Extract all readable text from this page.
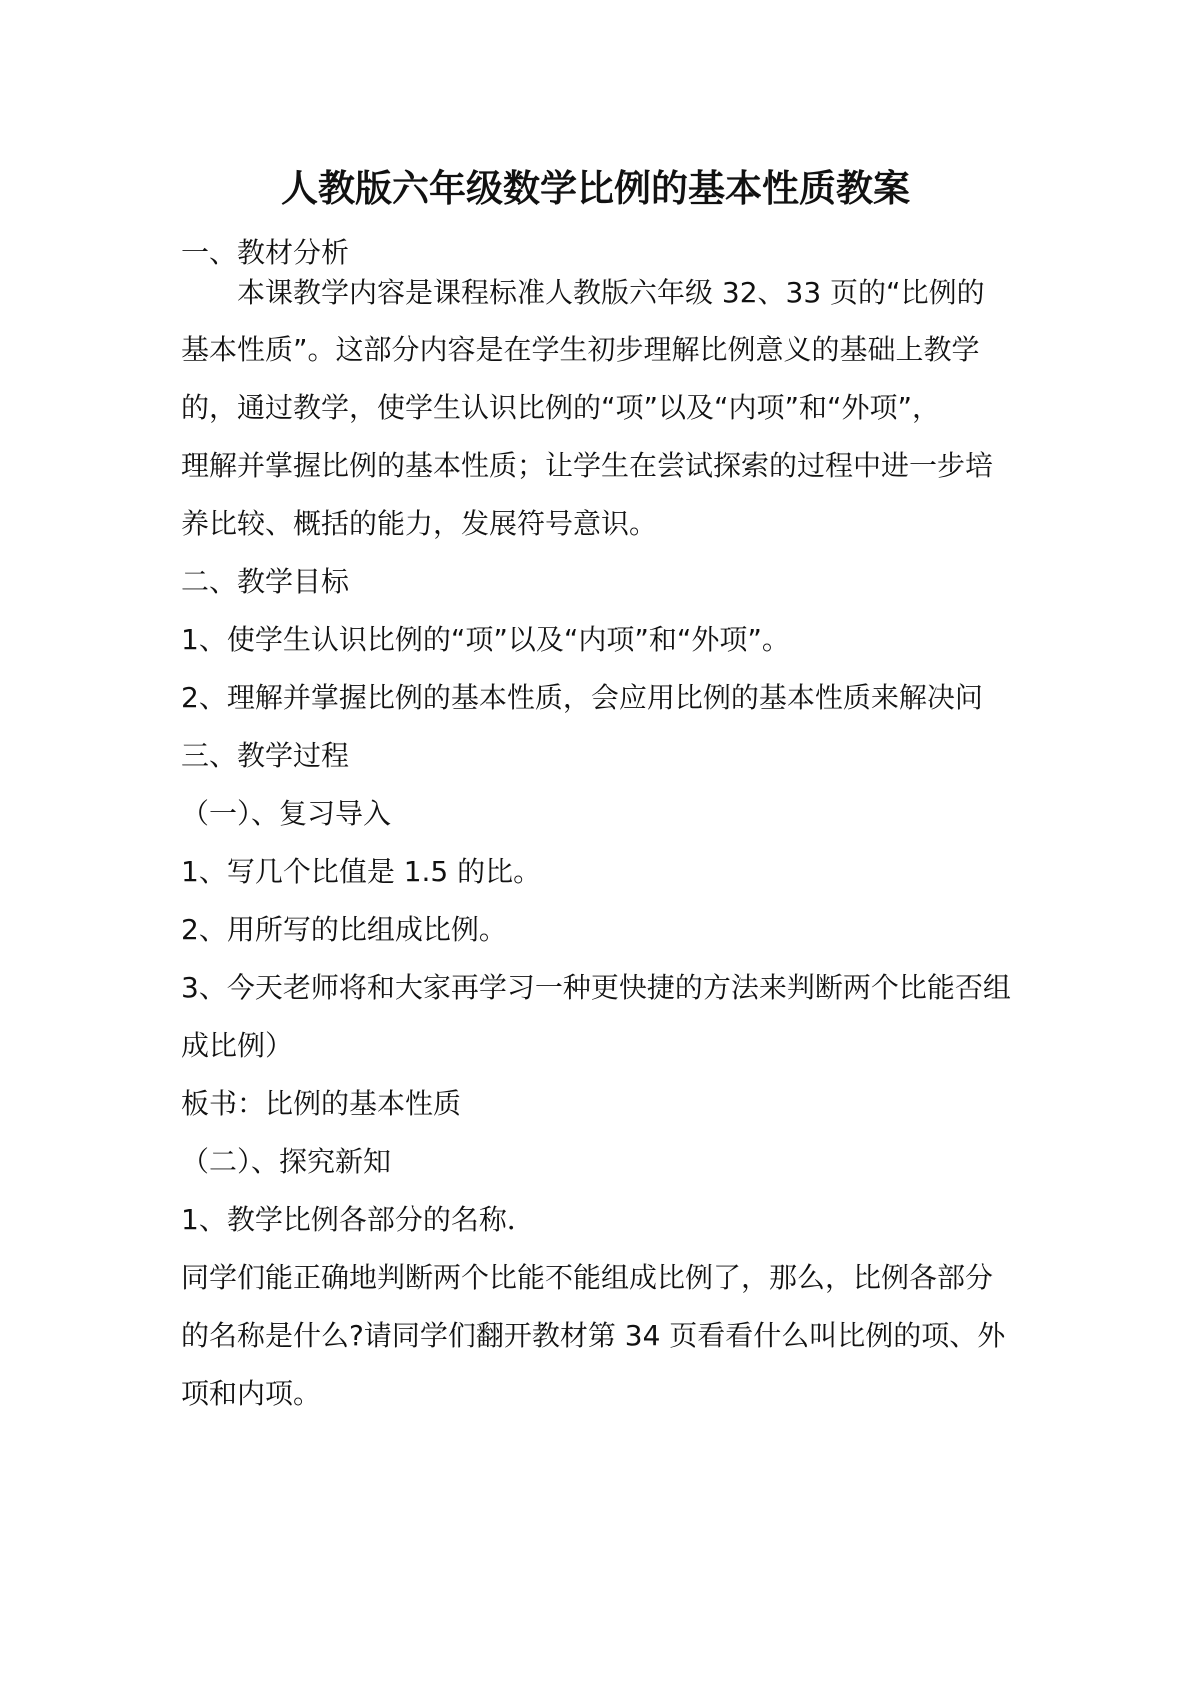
人教版六年级数学比例的基本性质教案

一、教材分析

本课教学内容是课程标准人教版六年级 32、33 页的“比例的

基本性质”。这部分内容是在学生初步理解比例意义的基础上教学

的，通过教学，使学生认识比例的“项”以及“内项”和“外项”，

理解并掌握比例的基本性质；让学生在尝试探索的过程中进一步培

养比较、概括的能力，发展符号意识。

二、教学目标

1、使学生认识比例的“项”以及“内项”和“外项”。

2、理解并掌握比例的基本性质，会应用比例的基本性质来解决问

三、教学过程

（一）、复习导入

1、写几个比值是 1.5 的比。

2、用所写的比组成比例。

3、今天老师将和大家再学习一种更快捷的方法来判断两个比能否组

成比例）

板书：比例的基本性质

（二）、探究新知

1、教学比例各部分的名称．

同学们能正确地判断两个比能不能组成比例了，那么，比例各部分

的名称是什么?请同学们翻开教材第 34 页看看什么叫比例的项、外

项和内项。
